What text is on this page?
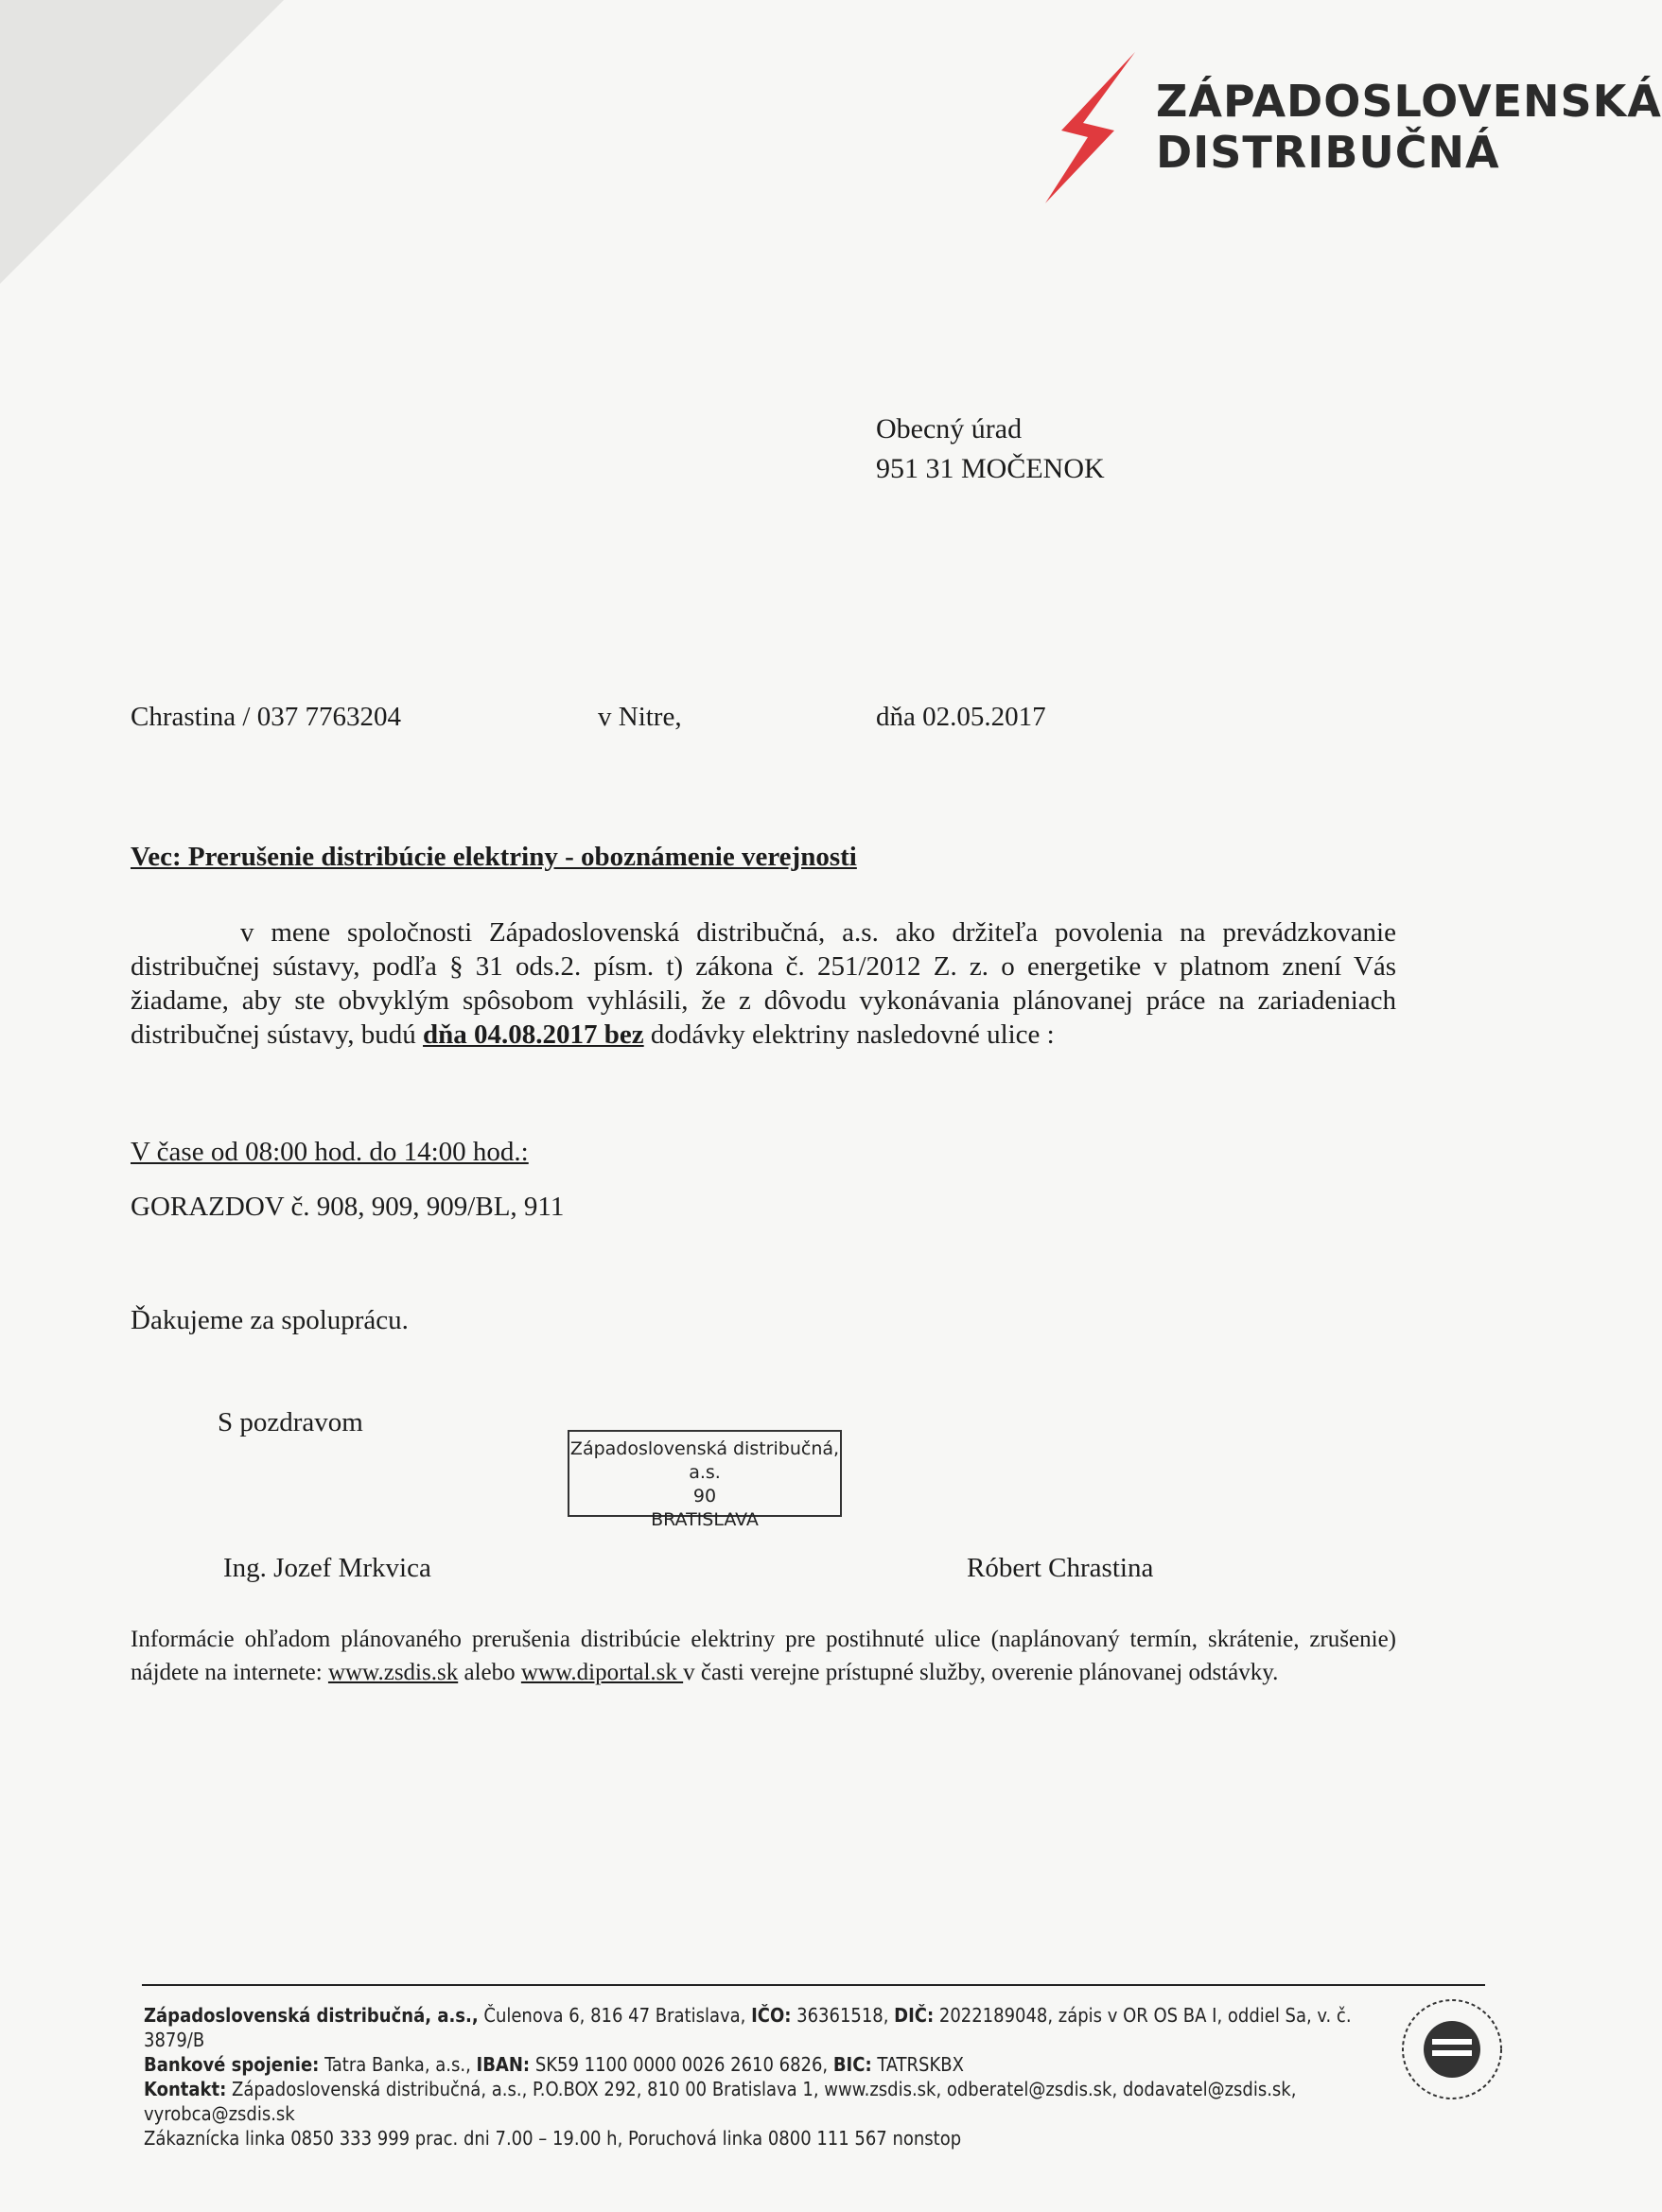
ZÁPADOSLOVENSKÁ
DISTRIBUČNÁ
Obecný úrad
951 31 MOČENOK
Chrastina / 037 7763204	v Nitre,	dňa 02.05.2017
Vec: Prerušenie distribúcie elektriny - oboznámenie verejnosti
v mene spoločnosti Západoslovenská distribučná, a.s. ako držiteľa povolenia na prevádzkovanie distribučnej sústavy, podľa § 31 ods.2. písm. t) zákona č. 251/2012 Z. z. o energetike v platnom znení Vás žiadame, aby ste obvyklým spôsobom vyhlásili, že z dôvodu vykonávania plánovanej práce na zariadeniach distribučnej sústavy, budú dňa 04.08.2017 bez dodávky elektriny nasledovné ulice :
V čase od 08:00 hod. do 14:00 hod.:
GORAZDOV č. 908, 909, 909/BL, 911
Ďakujeme za spoluprácu.
S pozdravom
Západoslovenská distribučná, a.s.
90
BRATISLAVA
Ing. Jozef Mrkvica	Róbert Chrastina
Informácie ohľadom plánovaného prerušenia distribúcie elektriny pre postihnuté ulice (naplánovaný termín, skrátenie, zrušenie) nájdete na internete: www.zsdis.sk alebo www.diportal.sk v časti verejne prístupné služby, overenie plánovanej odstávky.
Západoslovenská distribučná, a.s., Čulenova 6, 816 47 Bratislava, IČO: 36361518, DIČ: 2022189048, zápis v OR OS BA I, oddiel Sa, v. č. 3879/B
Bankové spojenie: Tatra Banka, a.s., IBAN: SK59 1100 0000 0026 2610 6826, BIC: TATRSKBX
Kontakt: Západoslovenská distribučná, a.s., P.O.BOX 292, 810 00 Bratislava 1, www.zsdis.sk, odberatel@zsdis.sk, dodavatel@zsdis.sk, vyrobca@zsdis.sk
Zákaznícka linka 0850 333 999 prac. dni 7.00 – 19.00 h, Poruchová linka 0800 111 567 nonstop
